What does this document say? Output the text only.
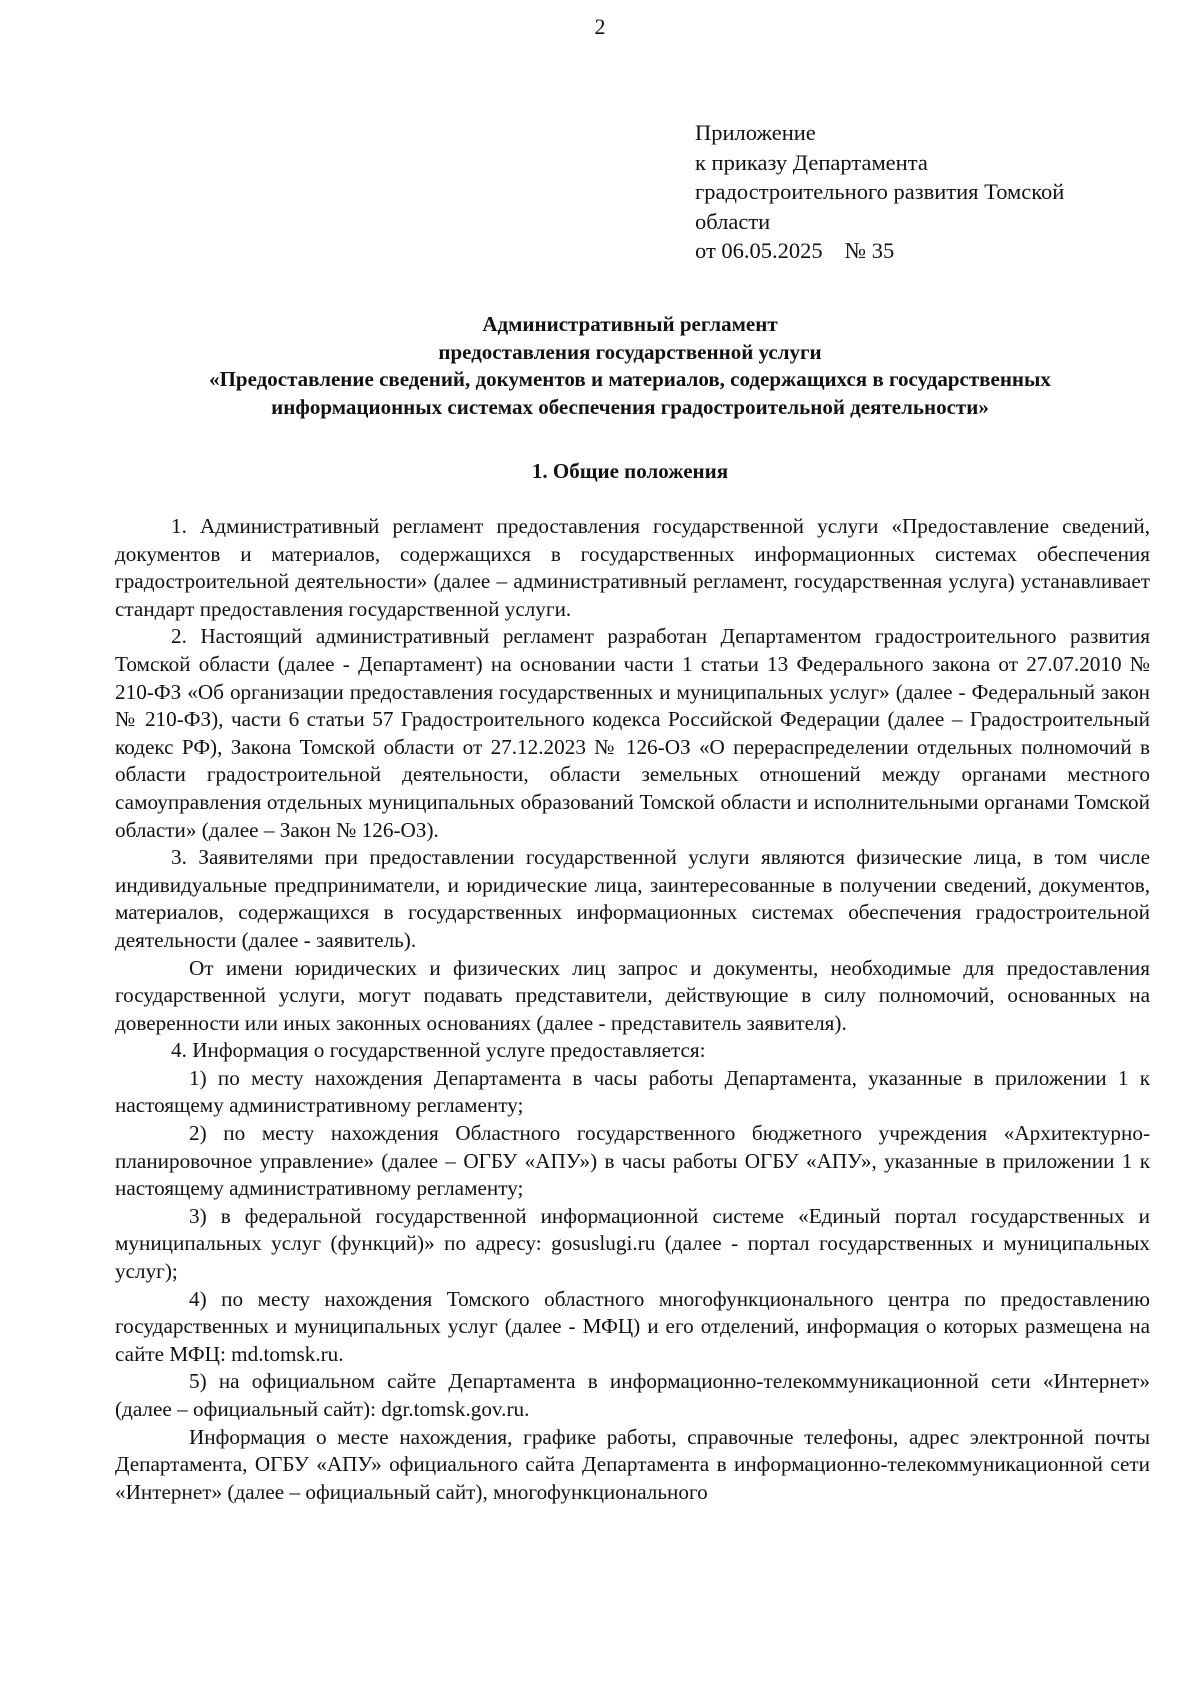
2
Приложение
к приказу Департамента
градостроительного развития Томской
области
от 06.05.2025 № 35
Административный регламент
предоставления государственной услуги
«Предоставление сведений, документов и материалов, содержащихся в государственных
информационных системах обеспечения градостроительной деятельности»
1. Общие положения

1. Административный регламент предоставления государственной услуги «Предоставление сведений, документов и материалов, содержащихся в государственных информационных системах обеспечения градостроительной деятельности» (далее – административный регламент, государственная услуга) устанавливает стандарт предоставления государственной услуги.

2. Настоящий административный регламент разработан Департаментом градостроительного развития Томской области (далее - Департамент) на основании части 1 статьи 13 Федерального закона от 27.07.2010 № 210-ФЗ «Об организации предоставления государственных и муниципальных услуг» (далее - Федеральный закон № 210-ФЗ), части 6 статьи 57 Градостроительного кодекса Российской Федерации (далее – Градостроительный кодекс РФ), Закона Томской области от 27.12.2023 № 126-ОЗ «О перераспределении отдельных полномочий в области градостроительной деятельности, области земельных отношений между органами местного самоуправления отдельных муниципальных образований Томской области и исполнительными органами Томской области» (далее – Закон № 126-ОЗ).

3. Заявителями при предоставлении государственной услуги являются физические лица, в том числе индивидуальные предприниматели, и юридические лица, заинтересованные в получении сведений, документов, материалов, содержащихся в государственных информационных системах обеспечения градостроительной деятельности (далее - заявитель).

От имени юридических и физических лиц запрос и документы, необходимые для предоставления государственной услуги, могут подавать представители, действующие в силу полномочий, основанных на доверенности или иных законных основаниях (далее - представитель заявителя).

4. Информация о государственной услуге предоставляется:

1) по месту нахождения Департамента в часы работы Департамента, указанные в приложении 1 к настоящему административному регламенту;

2) по месту нахождения Областного государственного бюджетного учреждения «Архитектурно-планировочное управление» (далее – ОГБУ «АПУ») в часы работы ОГБУ «АПУ», указанные в приложении 1 к настоящему административному регламенту;

3) в федеральной государственной информационной системе «Единый портал государственных и муниципальных услуг (функций)» по адресу: gosuslugi.ru (далее - портал государственных и муниципальных услуг);

4) по месту нахождения Томского областного многофункционального центра по предоставлению государственных и муниципальных услуг (далее - МФЦ) и его отделений, информация о которых размещена на сайте МФЦ: md.tomsk.ru.

5) на официальном сайте Департамента в информационно-телекоммуникационной сети «Интернет» (далее – официальный сайт): dgr.tomsk.gov.ru.

Информация о месте нахождения, графике работы, справочные телефоны, адрес электронной почты Департамента, ОГБУ «АПУ» официального сайта Департамента в информационно-телекоммуникационной сети «Интернет» (далее – официальный сайт), многофункционального
